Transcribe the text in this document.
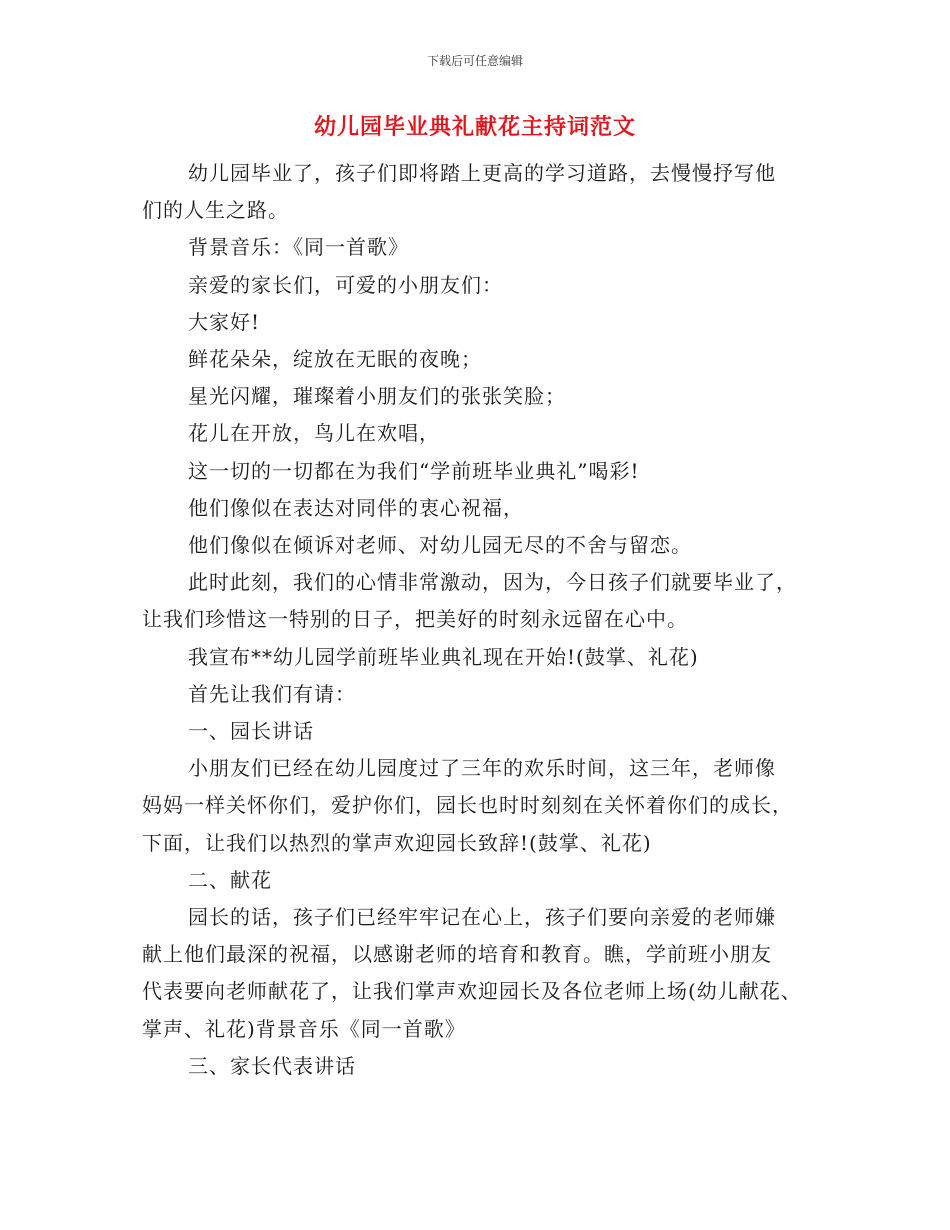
下载后可任意编辑
幼儿园毕业典礼献花主持词范文
幼儿园毕业了，孩子们即将踏上更高的学习道路，去慢慢抒写他
们的人生之路。
背景音乐：《同一首歌》
亲爱的家长们，可爱的小朋友们：
大家好!
鲜花朵朵，绽放在无眠的夜晚；
星光闪耀，璀璨着小朋友们的张张笑脸；
花儿在开放，鸟儿在欢唱，
这一切的一切都在为我们“学前班毕业典礼”喝彩!
他们像似在表达对同伴的衷心祝福，
他们像似在倾诉对老师、对幼儿园无尽的不舍与留恋。
此时此刻，我们的心情非常激动，因为，今日孩子们就要毕业了，
让我们珍惜这一特别的日子，把美好的时刻永远留在心中。
我宣布**幼儿园学前班毕业典礼现在开始!(鼓掌、礼花)
首先让我们有请：
一、园长讲话
小朋友们已经在幼儿园度过了三年的欢乐时间，这三年，老师像
妈妈一样关怀你们，爱护你们，园长也时时刻刻在关怀着你们的成长，
下面，让我们以热烈的掌声欢迎园长致辞!(鼓掌、礼花)
二、献花
园长的话，孩子们已经牢牢记在心上，孩子们要向亲爱的老师嫌
献上他们最深的祝福，以感谢老师的培育和教育。瞧，学前班小朋友
代表要向老师献花了，让我们掌声欢迎园长及各位老师上场(幼儿献花、
掌声、礼花)背景音乐《同一首歌》
三、家长代表讲话
